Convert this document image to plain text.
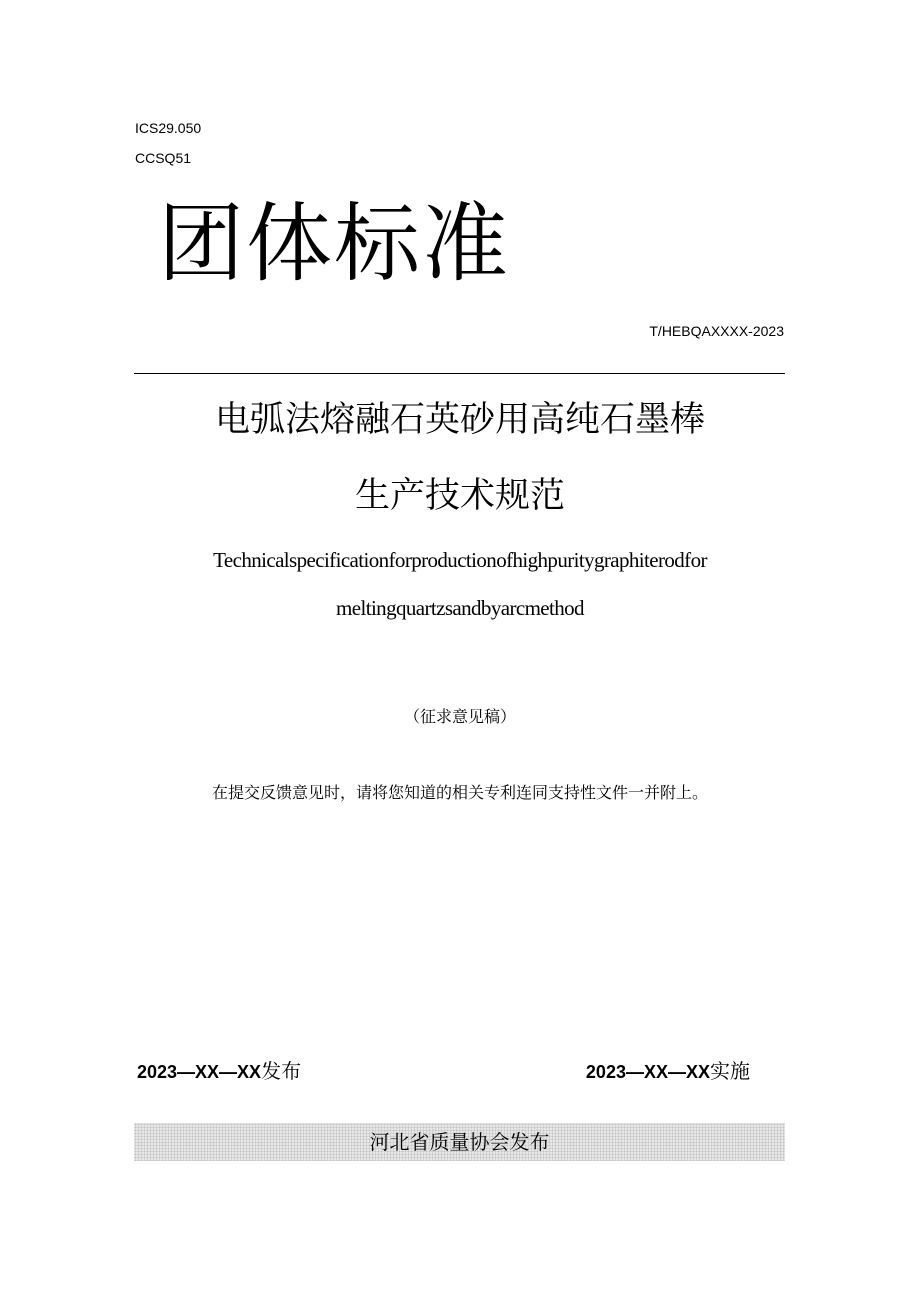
ICS29.050
CCSQ51
团体标准
T/HEBQAXXXX-2023
电弧法熔融石英砂用高纯石墨棒
生产技术规范
Technicalspecificationforproductionofhighpuritygraphiterodfor
meltingquartzsandbyarcmethod
（征求意见稿）
在提交反馈意见时，请将您知道的相关专利连同支持性文件一并附上。
2023—XX—XX发布	2023—XX—XX实施
河北省质量协会发布
